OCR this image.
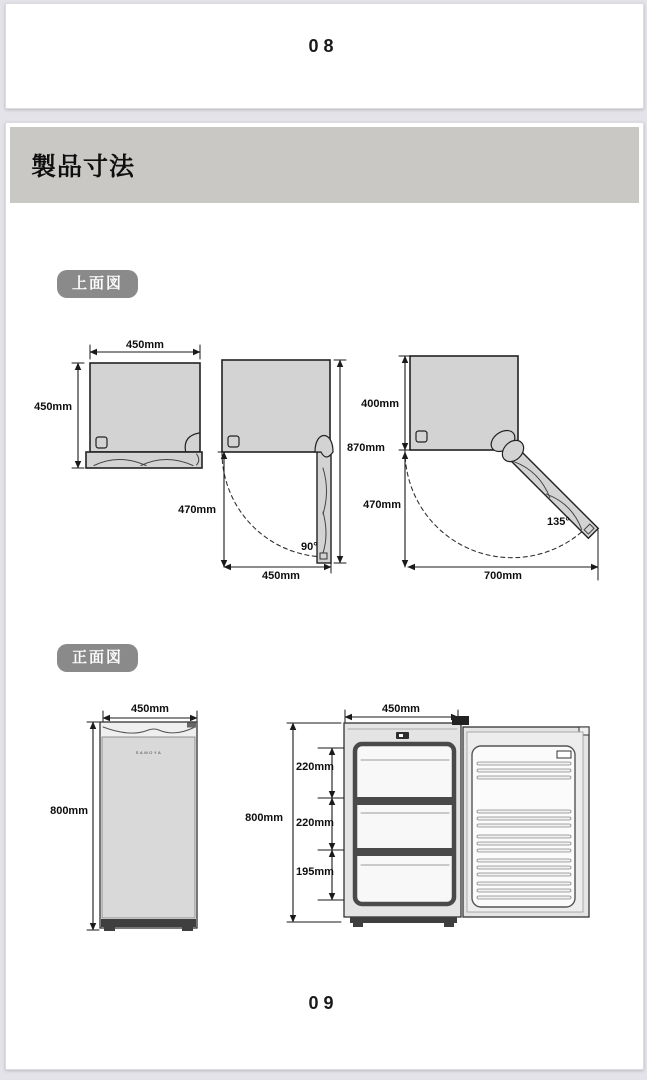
08
製品寸法
上面図
正面図
450mm
450mm
470mm
870mm
90°
450mm
400mm
470mm
135°
700mm
450mm
800mm
SAMOYA
450mm
800mm
220mm
220mm
195mm
09
